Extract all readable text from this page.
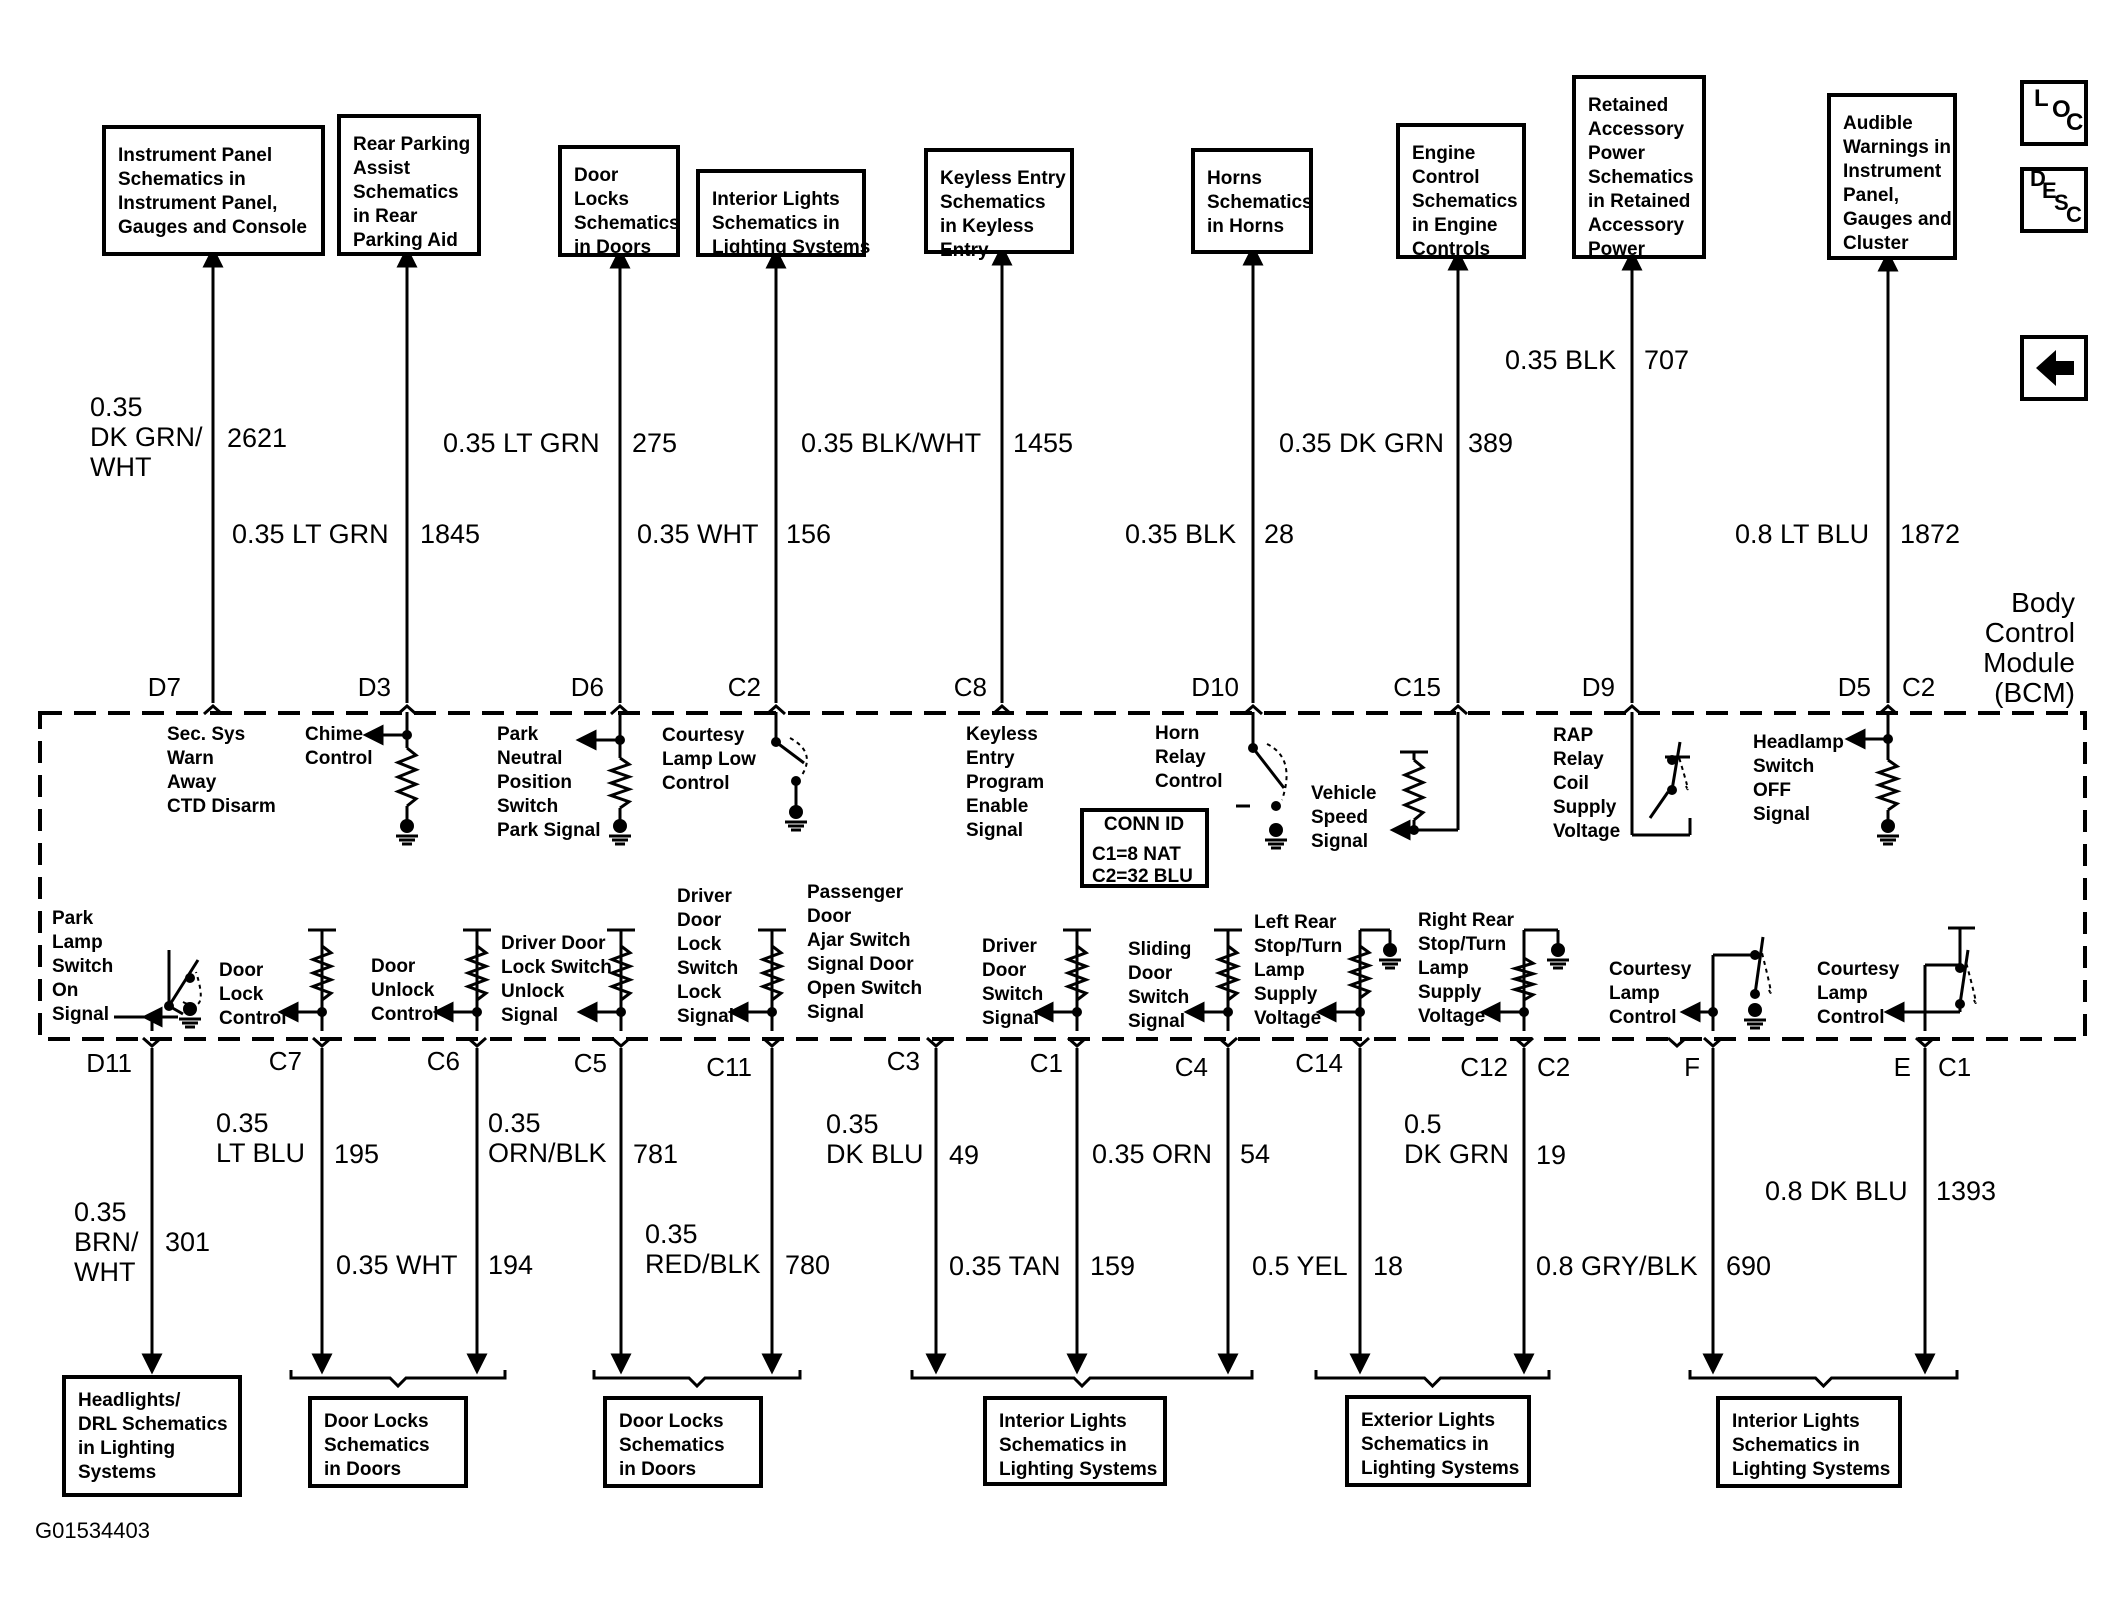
Instrument Panel Schematics in Instrument Panel, Gauges and Console
Rear Parking Assist Schematics in Rear Parking Aid
Door Locks Schematics in Doors
Interior Lights Schematics in Lighting Systems
Keyless Entry Schematics in Keyless Entry
Horns Schematics in Horns
Engine Control Schematics in Engine Controls
Retained Accessory Power Schematics in Retained Accessory Power
Audible Warnings in Instrument Panel, Gauges and Cluster
0.35 DK GRN/ WHT
2621
0.35 LT GRN 1845
0.35 LT GRN 275
0.35 WHT 156
0.35 BLK/WHT 1455
0.35 BLK 28
0.35 DK GRN 389
0.35 BLK 707
0.8 LT BLU 1872
D7	D3	D6	C2	C8	D10	C15	D9	D5 C2
Body Control Module (BCM)
Sec. Sys Warn Away CTD Disarm
Chime Control
Park Neutral Position Switch Park Signal
Courtesy Lamp Low Control
Keyless Entry Program Enable Signal
Horn Relay Control
Vehicle Speed Signal
RAP Relay Coil Supply Voltage
Headlamp Switch OFF Signal
CONN ID
C1=8 NAT C2=32 BLU
Park Lamp Switch On Signal
Door Lock Control
Door Unlock Control
Driver Door Lock Switch Unlock Signal
Driver Door Lock Switch Lock Signal
Passenger Door Ajar Switch Signal Door Open Switch Signal
Driver Door Switch Signal
Sliding Door Switch Signal
Left Rear Stop/Turn Lamp Supply Voltage
Right Rear Stop/Turn Lamp Supply Voltage
Courtesy Lamp Control
Courtesy Lamp Control
D11	C7	C6	C5	C11	C3	C1	C4	C14	C12 C2	F	E C1
0.35 BRN/ WHT
301
0.35 LT BLU 195
0.35 WHT 194
0.35 ORN/BLK 781
0.35 RED/BLK 780
0.35 DK BLU 49
0.35 TAN 159
0.35 ORN 54
0.5 YEL 18
0.5 DK GRN 19
0.8 GRY/BLK 690
0.8 DK BLU 1393
Headlights/ DRL Schematics in Lighting Systems
Door Locks Schematics in Doors
Door Locks Schematics in Doors
Interior Lights Schematics in Lighting Systems
Exterior Lights Schematics in Lighting Systems
Interior Lights Schematics in Lighting Systems
L OC
DESC
G01534403
